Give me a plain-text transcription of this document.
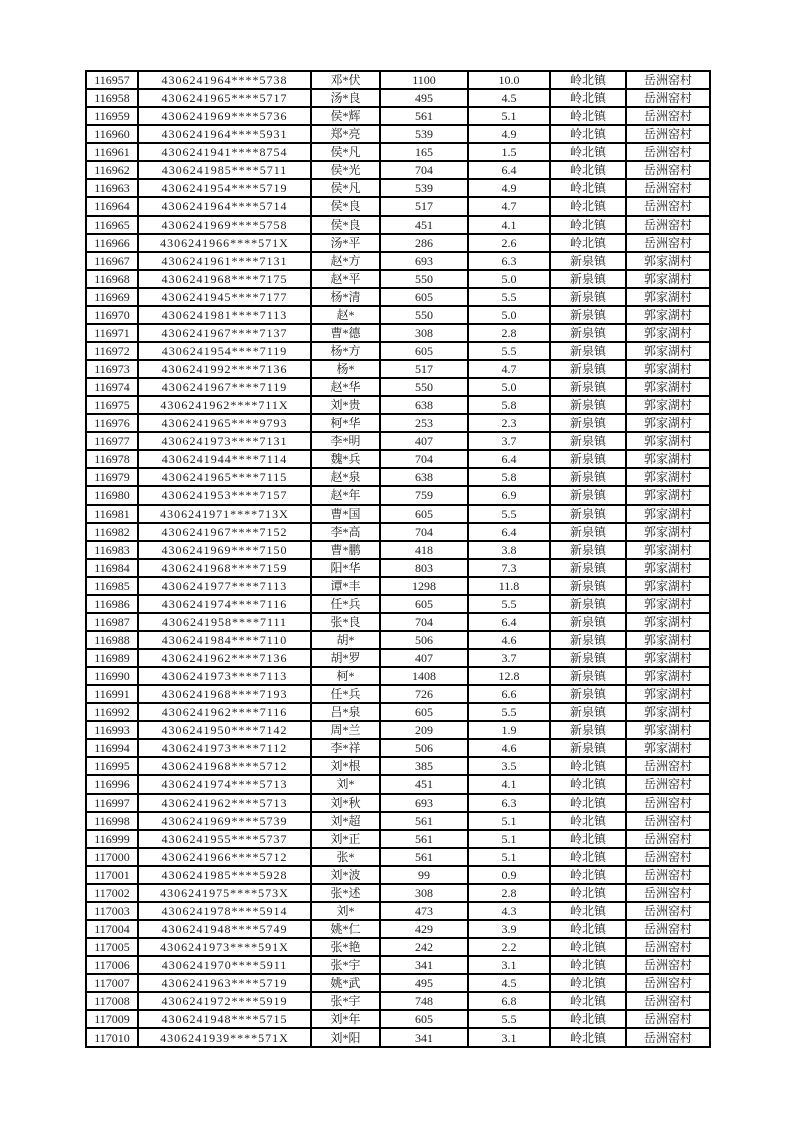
116957	4306241964****5738	邓*伏	1100	10.0	岭北镇	岳洲窑村
116958	4306241965****5717	汤*良	495	4.5	岭北镇	岳洲窑村
116959	4306241969****5736	侯*辉	561	5.1	岭北镇	岳洲窑村
116960	4306241964****5931	郑*亮	539	4.9	岭北镇	岳洲窑村
116961	4306241941****8754	侯*凡	165	1.5	岭北镇	岳洲窑村
116962	4306241985****5711	侯*光	704	6.4	岭北镇	岳洲窑村
116963	4306241954****5719	侯*凡	539	4.9	岭北镇	岳洲窑村
116964	4306241964****5714	侯*良	517	4.7	岭北镇	岳洲窑村
116965	4306241969****5758	侯*良	451	4.1	岭北镇	岳洲窑村
116966	4306241966****571X	汤*平	286	2.6	岭北镇	岳洲窑村
116967	4306241961****7131	赵*方	693	6.3	新泉镇	郭家湖村
116968	4306241968****7175	赵*平	550	5.0	新泉镇	郭家湖村
116969	4306241945****7177	杨*清	605	5.5	新泉镇	郭家湖村
116970	4306241981****7113	赵*	550	5.0	新泉镇	郭家湖村
116971	4306241967****7137	曹*德	308	2.8	新泉镇	郭家湖村
116972	4306241954****7119	杨*方	605	5.5	新泉镇	郭家湖村
116973	4306241992****7136	杨*	517	4.7	新泉镇	郭家湖村
116974	4306241967****7119	赵*华	550	5.0	新泉镇	郭家湖村
116975	4306241962****711X	刘*贵	638	5.8	新泉镇	郭家湖村
116976	4306241965****9793	柯*华	253	2.3	新泉镇	郭家湖村
116977	4306241973****7131	李*明	407	3.7	新泉镇	郭家湖村
116978	4306241944****7114	魏*兵	704	6.4	新泉镇	郭家湖村
116979	4306241965****7115	赵*泉	638	5.8	新泉镇	郭家湖村
116980	4306241953****7157	赵*年	759	6.9	新泉镇	郭家湖村
116981	4306241971****713X	曹*国	605	5.5	新泉镇	郭家湖村
116982	4306241967****7152	李*高	704	6.4	新泉镇	郭家湖村
116983	4306241969****7150	曹*鹏	418	3.8	新泉镇	郭家湖村
116984	4306241968****7159	阳*华	803	7.3	新泉镇	郭家湖村
116985	4306241977****7113	谭*丰	1298	11.8	新泉镇	郭家湖村
116986	4306241974****7116	任*兵	605	5.5	新泉镇	郭家湖村
116987	4306241958****7111	张*良	704	6.4	新泉镇	郭家湖村
116988	4306241984****7110	胡*	506	4.6	新泉镇	郭家湖村
116989	4306241962****7136	胡*罗	407	3.7	新泉镇	郭家湖村
116990	4306241973****7113	柯*	1408	12.8	新泉镇	郭家湖村
116991	4306241968****7193	任*兵	726	6.6	新泉镇	郭家湖村
116992	4306241962****7116	吕*泉	605	5.5	新泉镇	郭家湖村
116993	4306241950****7142	周*兰	209	1.9	新泉镇	郭家湖村
116994	4306241973****7112	李*祥	506	4.6	新泉镇	郭家湖村
116995	4306241968****5712	刘*根	385	3.5	岭北镇	岳洲窑村
116996	4306241974****5713	刘*	451	4.1	岭北镇	岳洲窑村
116997	4306241962****5713	刘*秋	693	6.3	岭北镇	岳洲窑村
116998	4306241969****5739	刘*超	561	5.1	岭北镇	岳洲窑村
116999	4306241955****5737	刘*正	561	5.1	岭北镇	岳洲窑村
117000	4306241966****5712	张*	561	5.1	岭北镇	岳洲窑村
117001	4306241985****5928	刘*波	99	0.9	岭北镇	岳洲窑村
117002	4306241975****573X	张*述	308	2.8	岭北镇	岳洲窑村
117003	4306241978****5914	刘*	473	4.3	岭北镇	岳洲窑村
117004	4306241948****5749	姚*仁	429	3.9	岭北镇	岳洲窑村
117005	4306241973****591X	张*艳	242	2.2	岭北镇	岳洲窑村
117006	4306241970****5911	张*宇	341	3.1	岭北镇	岳洲窑村
117007	4306241963****5719	姚*武	495	4.5	岭北镇	岳洲窑村
117008	4306241972****5919	张*宇	748	6.8	岭北镇	岳洲窑村
117009	4306241948****5715	刘*年	605	5.5	岭北镇	岳洲窑村
117010	4306241939****571X	刘*阳	341	3.1	岭北镇	岳洲窑村
